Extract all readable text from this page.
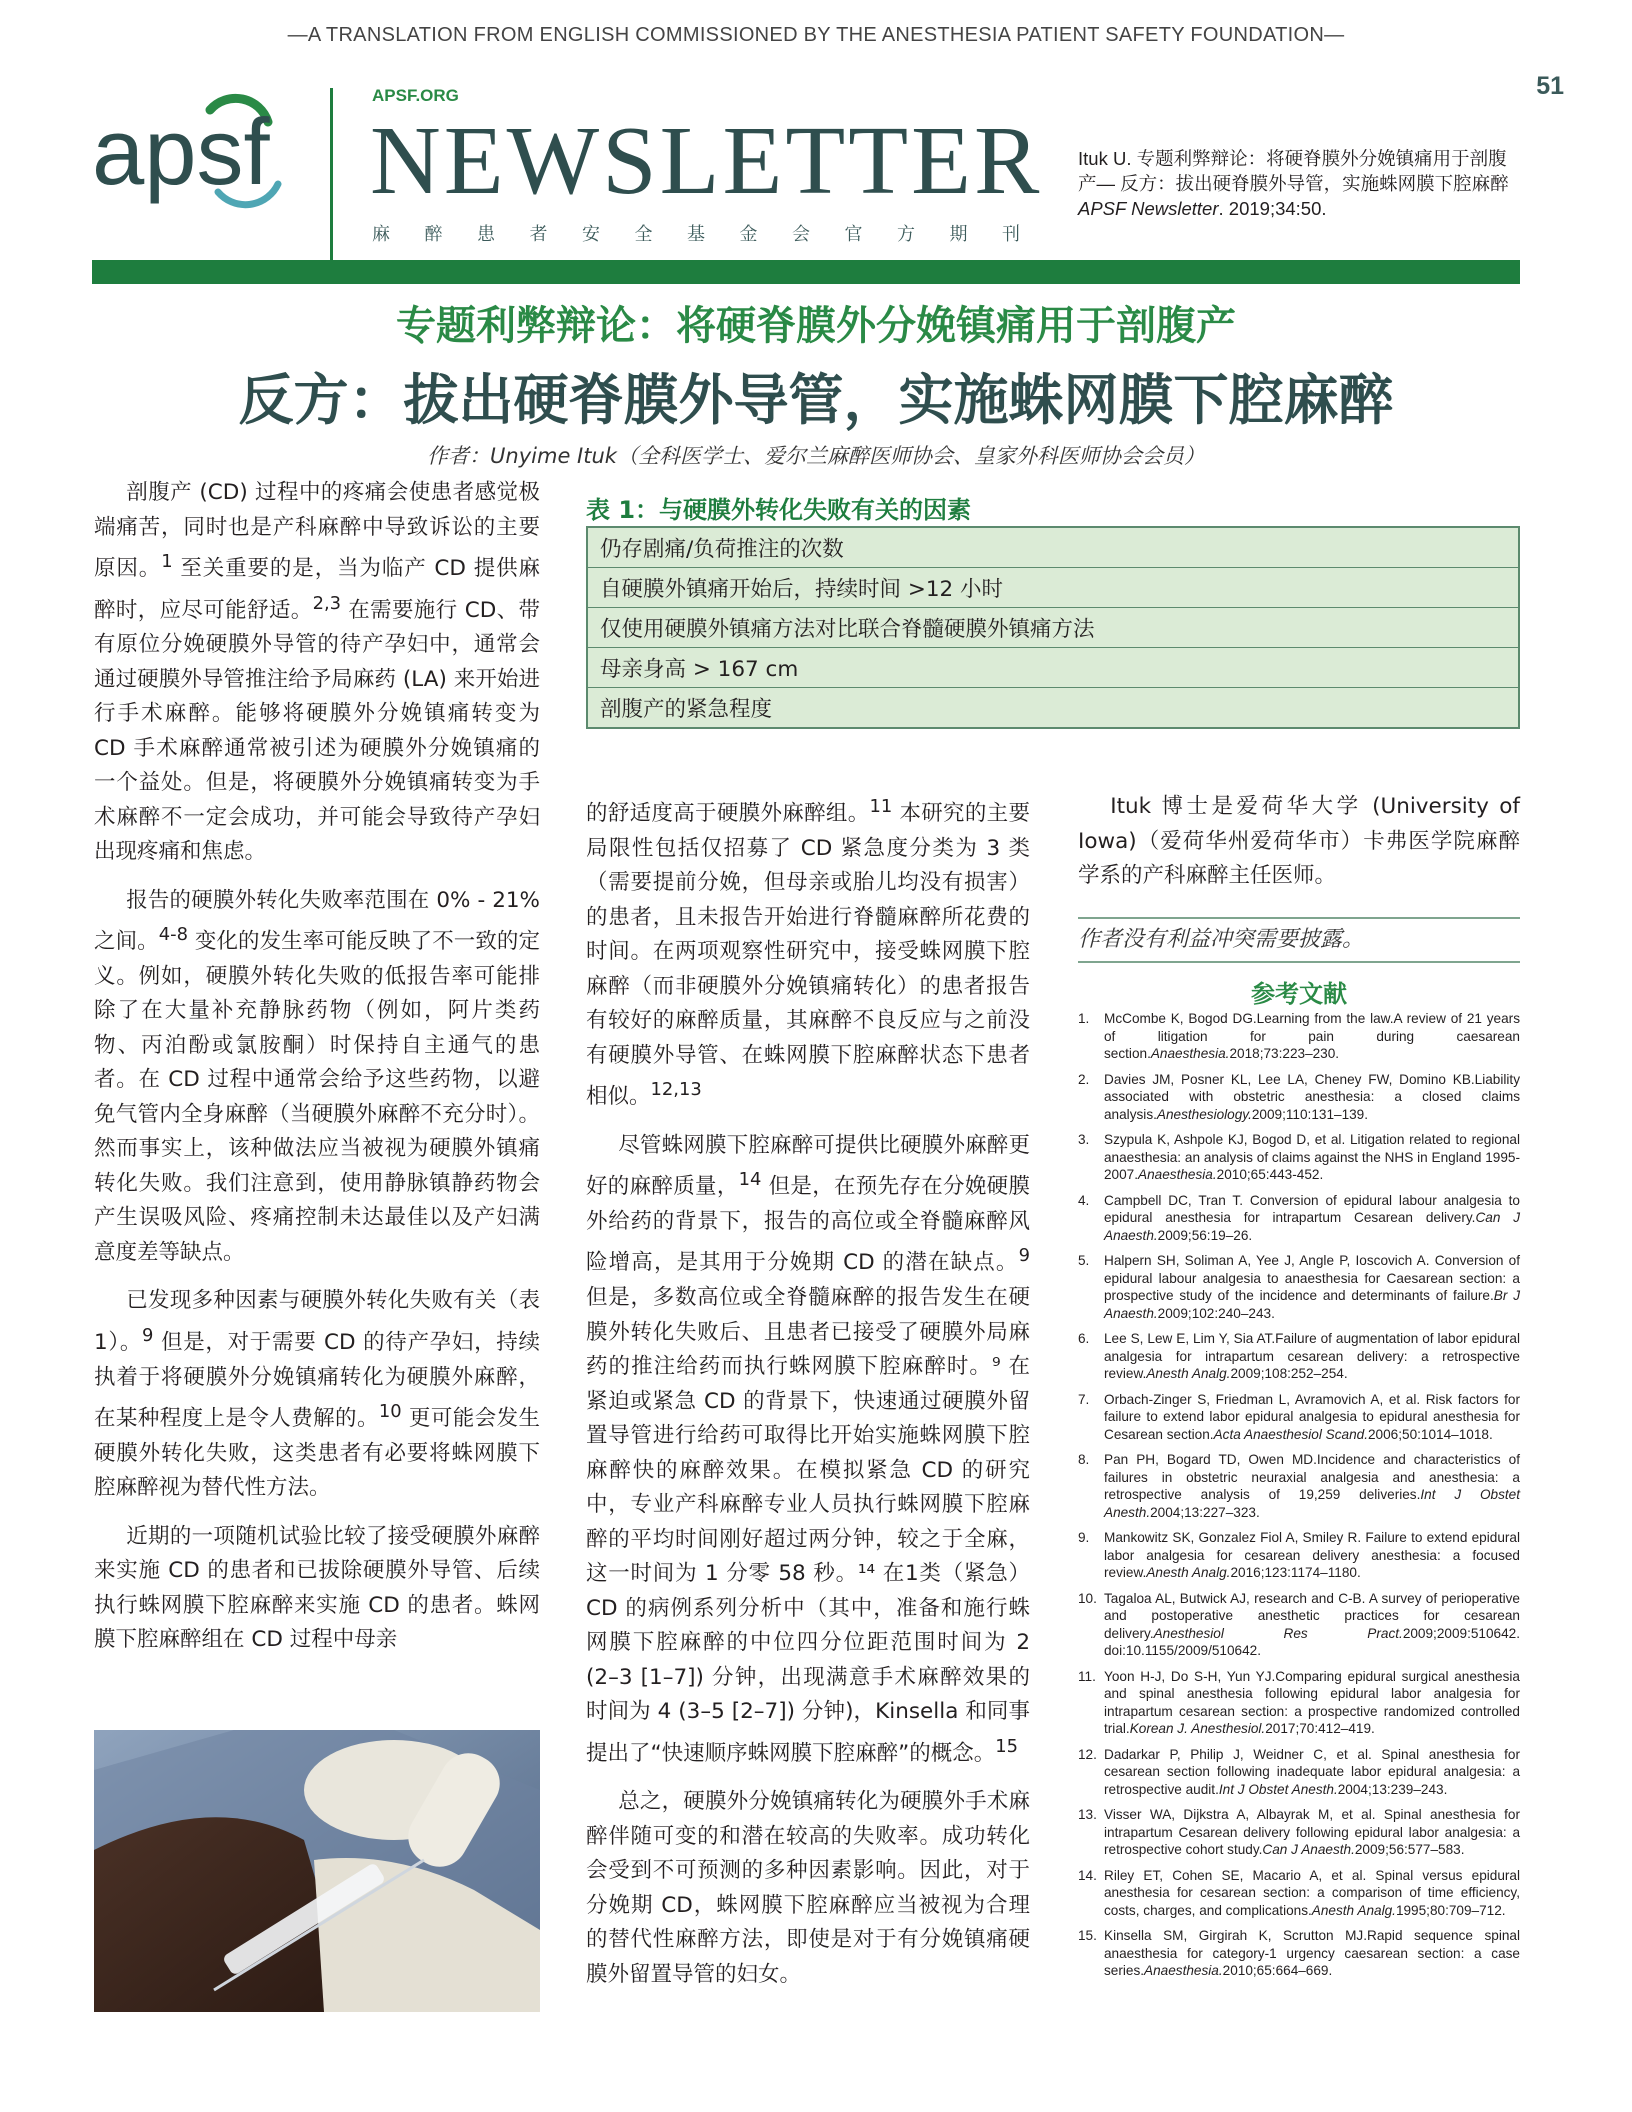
—A TRANSLATION FROM ENGLISH COMMISSIONED BY THE ANESTHESIA PATIENT SAFETY FOUNDATION—
51
apsf
APSF.ORG
NEWSLETTER
麻 醉 患 者 安 全 基 金 会 官 方 期 刊
Ituk U. 专题利弊辩论：将硬脊膜外分娩镇痛用于剖腹产— 反方：拔出硬脊膜外导管，实施蛛网膜下腔麻醉 APSF Newsletter. 2019;34:50.
专题利弊辩论：将硬脊膜外分娩镇痛用于剖腹产
反方：拔出硬脊膜外导管，实施蛛网膜下腔麻醉
作者：Unyime Ituk（全科医学士、爱尔兰麻醉医师协会、皇家外科医师协会会员）

剖腹产 (CD) 过程中的疼痛会使患者感觉极端痛苦，同时也是产科麻醉中导致诉讼的主要原因。$^1$ 至关重要的是，当为临产 CD 提供麻醉时，应尽可能舒适。$^{2,3}$ 在需要施行 CD、带有原位分娩硬膜外导管的待产孕妇中，通常会通过硬膜外导管推注给予局麻药 (LA) 来开始进行手术麻醉。能够将硬膜外分娩镇痛转变为 CD 手术麻醉通常被引述为硬膜外分娩镇痛的一个益处。但是，将硬膜外分娩镇痛转变为手术麻醉不一定会成功，并可能会导致待产孕妇出现疼痛和焦虑。

报告的硬膜外转化失败率范围在 0% - 21% 之间。$^{4-8}$ 变化的发生率可能反映了不一致的定义。例如，硬膜外转化失败的低报告率可能排除了在大量补充静脉药物（例如，阿片类药物、丙泊酚或氯胺酮）时保持自主通气的患者。在 CD 过程中通常会给予这些药物，以避免气管内全身麻醉（当硬膜外麻醉不充分时）。然而事实上，该种做法应当被视为硬膜外镇痛转化失败。我们注意到，使用静脉镇静药物会产生误吸风险、疼痛控制未达最佳以及产妇满意度差等缺点。

已发现多种因素与硬膜外转化失败有关（表 1）。$^9$ 但是，对于需要 CD 的待产孕妇，持续执着于将硬膜外分娩镇痛转化为硬膜外麻醉，在某种程度上是令人费解的。$^{10}$ 更可能会发生硬膜外转化失败，这类患者有必要将蛛网膜下腔麻醉视为替代性方法。

近期的一项随机试验比较了接受硬膜外麻醉来实施 CD 的患者和已拔除硬膜外导管、后续执行蛛网膜下腔麻醉来实施 CD 的患者。蛛网膜下腔麻醉组在 CD 过程中母亲

表 1：与硬膜外转化失败有关的因素
仍存剧痛/负荷推注的次数
自硬膜外镇痛开始后，持续时间 >12 小时
仅使用硬膜外镇痛方法对比联合脊髓硬膜外镇痛方法
母亲身高 > 167 cm
剖腹产的紧急程度

的舒适度高于硬膜外麻醉组。$^{11}$ 本研究的主要局限性包括仅招募了 CD 紧急度分类为 3 类（需要提前分娩，但母亲或胎儿均没有损害）的患者，且未报告开始进行脊髓麻醉所花费的时间。在两项观察性研究中，接受蛛网膜下腔麻醉（而非硬膜外分娩镇痛转化）的患者报告有较好的麻醉质量，其麻醉不良反应与之前没有硬膜外导管、在蛛网膜下腔麻醉状态下患者相似。$^{12,13}$

尽管蛛网膜下腔麻醉可提供比硬膜外麻醉更好的麻醉质量，$^{14}$ 但是，在预先存在分娩硬膜外给药的背景下，报告的高位或全脊髓麻醉风险增高，是其用于分娩期 CD 的潜在缺点。$^9$ 但是，多数高位或全脊髓麻醉的报告发生在硬膜外转化失败后、且患者已接受了硬膜外局麻药的推注给药而执行蛛网膜下腔麻醉时。⁹ 在紧迫或紧急 CD 的背景下，快速通过硬膜外留置导管进行给药可取得比开始实施蛛网膜下腔麻醉快的麻醉效果。在模拟紧急 CD 的研究中，专业产科麻醉专业人员执行蛛网膜下腔麻醉的平均时间刚好超过两分钟，较之于全麻，这一时间为 1 分零 58 秒。¹⁴ 在1类（紧急）CD 的病例系列分析中（其中，准备和施行蛛网膜下腔麻醉的中位四分位距范围时间为 2 (2–3 [1–7]) 分钟，出现满意手术麻醉效果的时间为 4 (3–5 [2–7]) 分钟)，Kinsella 和同事提出了“快速顺序蛛网膜下腔麻醉”的概念。$^{15}$

总之，硬膜外分娩镇痛转化为硬膜外手术麻醉伴随可变的和潜在较高的失败率。成功转化会受到不可预测的多种因素影响。因此，对于分娩期 CD，蛛网膜下腔麻醉应当被视为合理的替代性麻醉方法，即使是对于有分娩镇痛硬膜外留置导管的妇女。

Ituk 博士是爱荷华大学 (University of Iowa)（爱荷华州爱荷华市）卡弗医学院麻醉学系的产科麻醉主任医师。

作者没有利益冲突需要披露。
参考文献
1. McCombe K, Bogod DG.Learning from the law.A review of 21 years of litigation for pain during caesarean section.Anaesthesia.2018;73:223–230.
2. Davies JM, Posner KL, Lee LA, Cheney FW, Domino KB.Liability associated with obstetric anesthesia: a closed claims analysis.Anesthesiology.2009;110:131–139.
3. Szypula K, Ashpole KJ, Bogod D, et al. Litigation related to regional anaesthesia: an analysis of claims against the NHS in England 1995-2007.Anaesthesia.2010;65:443-452.
4. Campbell DC, Tran T. Conversion of epidural labour analgesia to epidural anesthesia for intrapartum Cesarean delivery.Can J Anaesth.2009;56:19–26.
5. Halpern SH, Soliman A, Yee J, Angle P, Ioscovich A. Conversion of epidural labour analgesia to anaesthesia for Caesarean section: a prospective study of the incidence and determinants of failure.Br J Anaesth.2009;102:240–243.
6. Lee S, Lew E, Lim Y, Sia AT.Failure of augmentation of labor epidural analgesia for intrapartum cesarean delivery: a retrospective review.Anesth Analg.2009;108:252–254.
7. Orbach-Zinger S, Friedman L, Avramovich A, et al. Risk factors for failure to extend labor epidural analgesia to epidural anesthesia for Cesarean section.Acta Anaesthesiol Scand.2006;50:1014–1018.
8. Pan PH, Bogard TD, Owen MD.Incidence and characteristics of failures in obstetric neuraxial analgesia and anesthesia: a retrospective analysis of 19,259 deliveries.Int J Obstet Anesth.2004;13:227–323.
9. Mankowitz SK, Gonzalez Fiol A, Smiley R. Failure to extend epidural labor analgesia for cesarean delivery anesthesia: a focused review.Anesth Analg.2016;123:1174–1180.
10. Tagaloa AL, Butwick AJ, research and C-B. A survey of perioperative and postoperative anesthetic practices for cesarean delivery.Anesthesiol Res Pract.2009;2009:510642. doi:10.1155/2009/510642.
11. Yoon H-J, Do S-H, Yun YJ.Comparing epidural surgical anesthesia and spinal anesthesia following epidural labor analgesia for intrapartum cesarean section: a prospective randomized controlled trial.Korean J. Anesthesiol.2017;70:412–419.
12. Dadarkar P, Philip J, Weidner C, et al. Spinal anesthesia for cesarean section following inadequate labor epidural analgesia: a retrospective audit.Int J Obstet Anesth.2004;13:239–243.
13. Visser WA, Dijkstra A, Albayrak M, et al. Spinal anesthesia for intrapartum Cesarean delivery following epidural labor analgesia: a retrospective cohort study.Can J Anaesth.2009;56:577–583.
14. Riley ET, Cohen SE, Macario A, et al. Spinal versus epidural anesthesia for cesarean section: a comparison of time efficiency, costs, charges, and complications.Anesth Analg.1995;80:709–712.
15. Kinsella SM, Girgirah K, Scrutton MJ.Rapid sequence spinal anaesthesia for category-1 urgency caesarean section: a case series.Anaesthesia.2010;65:664–669.
